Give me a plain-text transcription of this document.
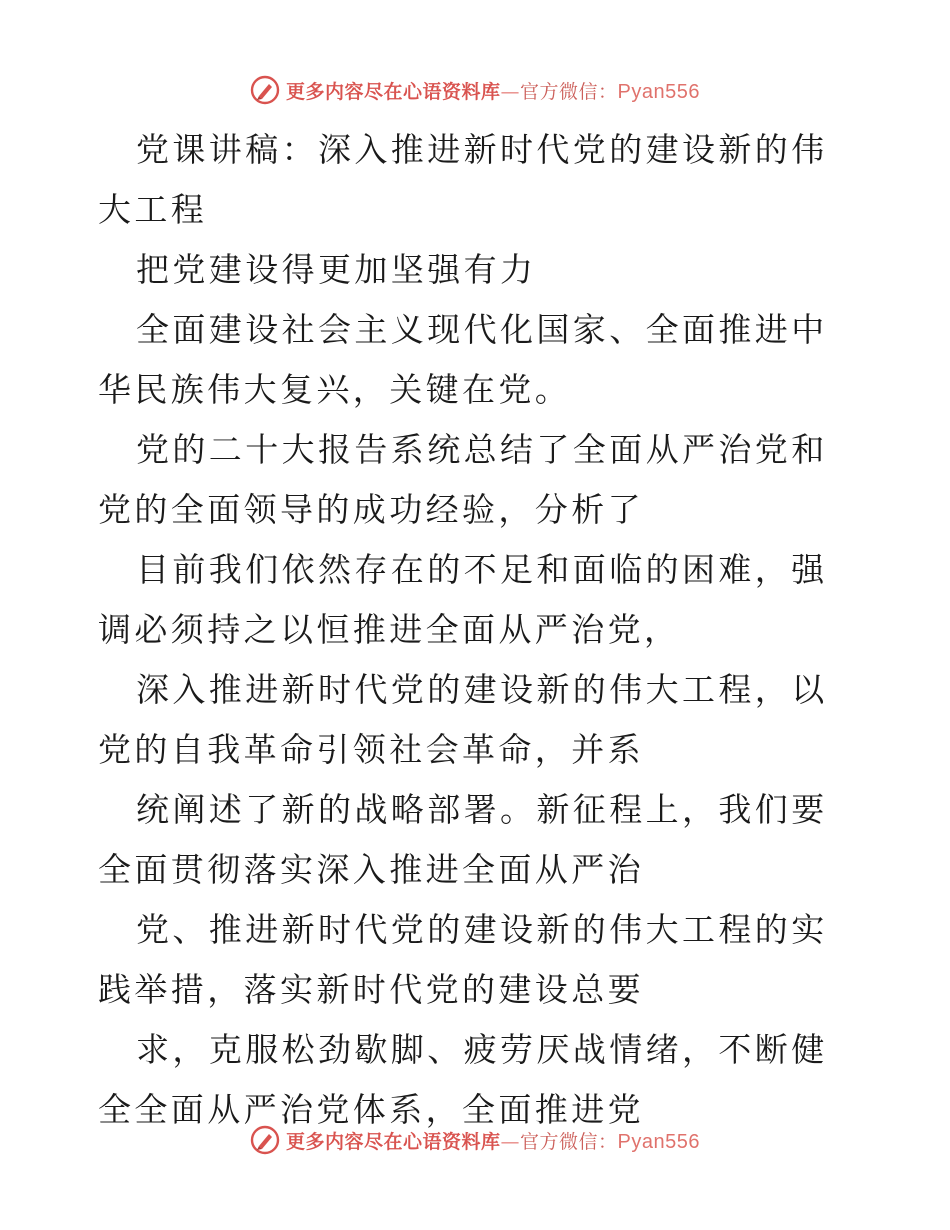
更多内容尽在心语资料库—官方微信：Pyan556

党课讲稿：深入推进新时代党的建设新的伟大工程

把党建设得更加坚强有力

全面建设社会主义现代化国家、全面推进中华民族伟大复兴，关键在党。

党的二十大报告系统总结了全面从严治党和党的全面领导的成功经验，分析了

目前我们依然存在的不足和面临的困难，强调必须持之以恒推进全面从严治党，

深入推进新时代党的建设新的伟大工程，以党的自我革命引领社会革命，并系

统阐述了新的战略部署。新征程上，我们要全面贯彻落实深入推进全面从严治

党、推进新时代党的建设新的伟大工程的实践举措，落实新时代党的建设总要

求，克服松劲歇脚、疲劳厌战情绪，不断健全全面从严治党体系，全面推进党

更多内容尽在心语资料库—官方微信：Pyan556
